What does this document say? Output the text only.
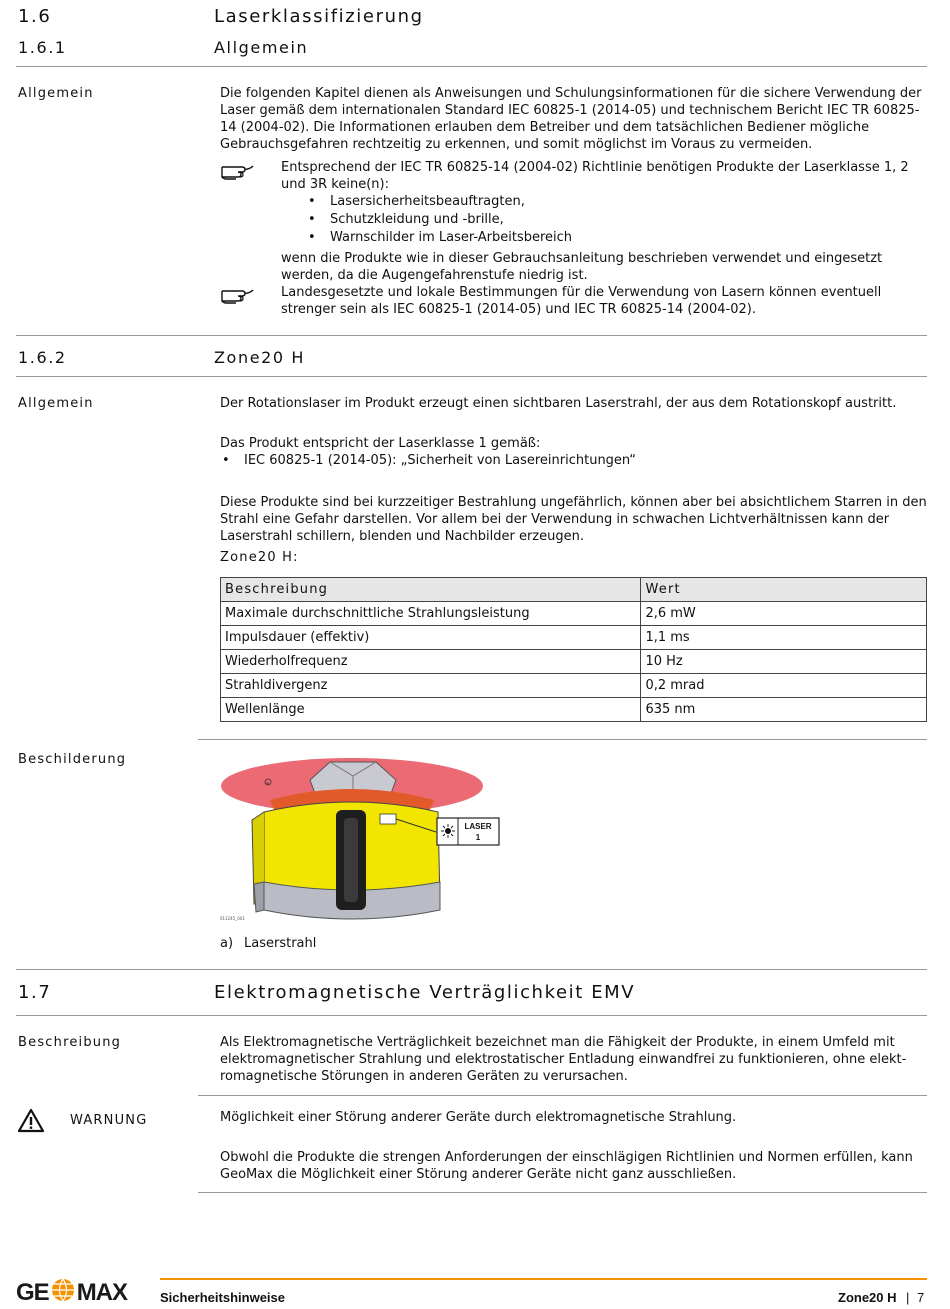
1.6	Laserklassifizierung
1.6.1	Allgemein
Allgemein	Die folgenden Kapitel dienen als Anweisungen und Schulungsinformationen für die sichere Verwendung der Laser gemäß dem internationalen Standard IEC 60825-1 (2014-05) und technischem Bericht IEC TR 60825-14 (2004-02). Die Informationen erlauben dem Betreiber und dem tatsächlichen Bediener mögliche Gebrauchsgefahren rechtzeitig zu erkennen, und somit möglichst im Voraus zu vermeiden.

Entsprechend der IEC TR 60825-14 (2004-02) Richtlinie benötigen Produkte der Laserklasse 1, 2 und 3R keine(n):

• Lasersicherheitsbeauftragten,
• Schutzkleidung und -brille,
• Warnschilder im Laser-Arbeitsbereich

wenn die Produkte wie in dieser Gebrauchsanleitung beschrieben verwendet und eingesetzt werden, da die Augengefahrenstufe niedrig ist.

Landesgesetzte und lokale Bestimmungen für die Verwendung von Lasern können eventuell strenger sein als IEC 60825-1 (2014-05) und IEC TR 60825-14 (2004-02).

1.6.2	Zone20 H
Allgemein	Der Rotationslaser im Produkt erzeugt einen sichtbaren Laserstrahl, der aus dem Rotationskopf austritt.

Das Produkt entspricht der Laserklasse 1 gemäß:

• IEC 60825-1 (2014-05): „Sicherheit von Lasereinrichtungen“

Diese Produkte sind bei kurzzeitiger Bestrahlung ungefährlich, können aber bei absichtlichem Starren in den Strahl eine Gefahr darstellen. Vor allem bei der Verwendung in schwachen Lichtverhältnissen kann der Laserstrahl schillern, blenden und Nachbilder erzeugen.

Zone20 H:
Beschreibung	Wert
Maximale durchschnittliche Strahlungsleistung	2,6 mW
Impulsdauer (effektiv)	1,1 ms
Wiederholfrequenz	10 Hz
Strahldivergenz	0,2 mrad
Wellenlänge	635 nm
Beschilderung
a
LASER
1
011245_001
a) Laserstrahl
1.7	Elektromagnetische Verträglichkeit EMV
Beschreibung	Als Elektromagnetische Verträglichkeit bezeichnet man die Fähigkeit der Produkte, in einem Umfeld mit elektromagnetischer Strahlung und elektrostatischer Entladung einwandfrei zu funktionieren, ohne elekt-romagnetische Störungen in anderen Geräten zu verursachen.

WARNUNG	Möglichkeit einer Störung anderer Geräte durch elektromagnetische Strahlung.

Obwohl die Produkte die strengen Anforderungen der einschlägigen Richtlinien und Normen erfüllen, kann GeoMax die Möglichkeit einer Störung anderer Geräte nicht ganz ausschließen.

GE MAX	Sicherheitshinweise	Zone20 H | 7
